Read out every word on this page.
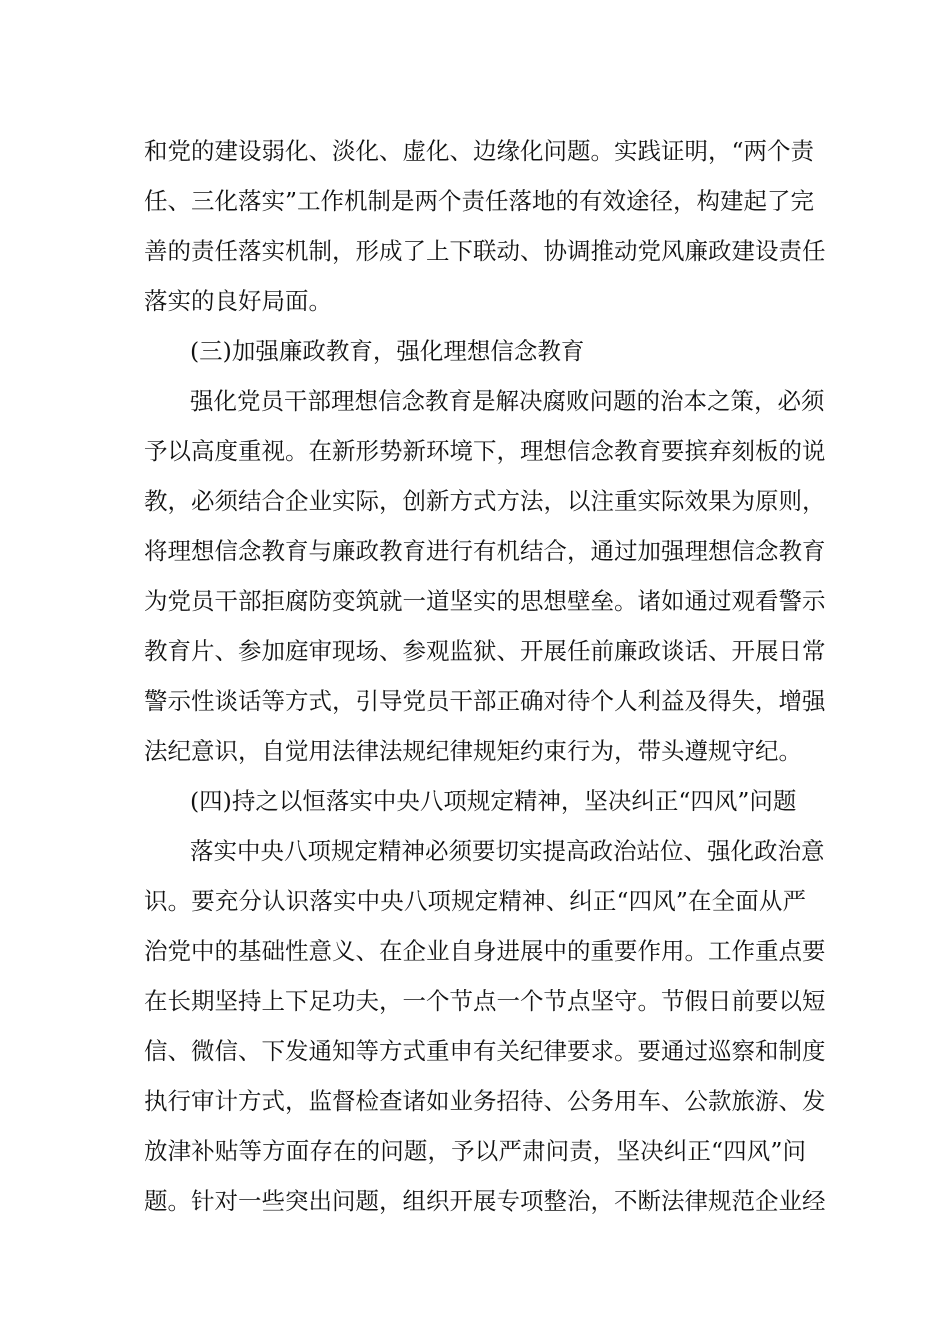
和党的建设弱化、淡化、虚化、边缘化问题。实践证明，“两个责
任、三化落实”工作机制是两个责任落地的有效途径，构建起了完
善的责任落实机制，形成了上下联动、协调推动党风廉政建设责任
落实的良好局面。
(三)加强廉政教育，强化理想信念教育
强化党员干部理想信念教育是解决腐败问题的治本之策，必须
予以高度重视。在新形势新环境下，理想信念教育要摈弃刻板的说
教，必须结合企业实际，创新方式方法，以注重实际效果为原则，
将理想信念教育与廉政教育进行有机结合，通过加强理想信念教育
为党员干部拒腐防变筑就一道坚实的思想壁垒。诸如通过观看警示
教育片、参加庭审现场、参观监狱、开展任前廉政谈话、开展日常
警示性谈话等方式，引导党员干部正确对待个人利益及得失，增强
法纪意识，自觉用法律法规纪律规矩约束行为，带头遵规守纪。
(四)持之以恒落实中央八项规定精神，坚决纠正“四风”问题
落实中央八项规定精神必须要切实提高政治站位、强化政治意
识。要充分认识落实中央八项规定精神、纠正“四风”在全面从严
治党中的基础性意义、在企业自身进展中的重要作用。工作重点要
在长期坚持上下足功夫，一个节点一个节点坚守。节假日前要以短
信、微信、下发通知等方式重申有关纪律要求。要通过巡察和制度
执行审计方式，监督检查诸如业务招待、公务用车、公款旅游、发
放津补贴等方面存在的问题，予以严肃问责，坚决纠正“四风”问
题。针对一些突出问题，组织开展专项整治，不断法律规范企业经
